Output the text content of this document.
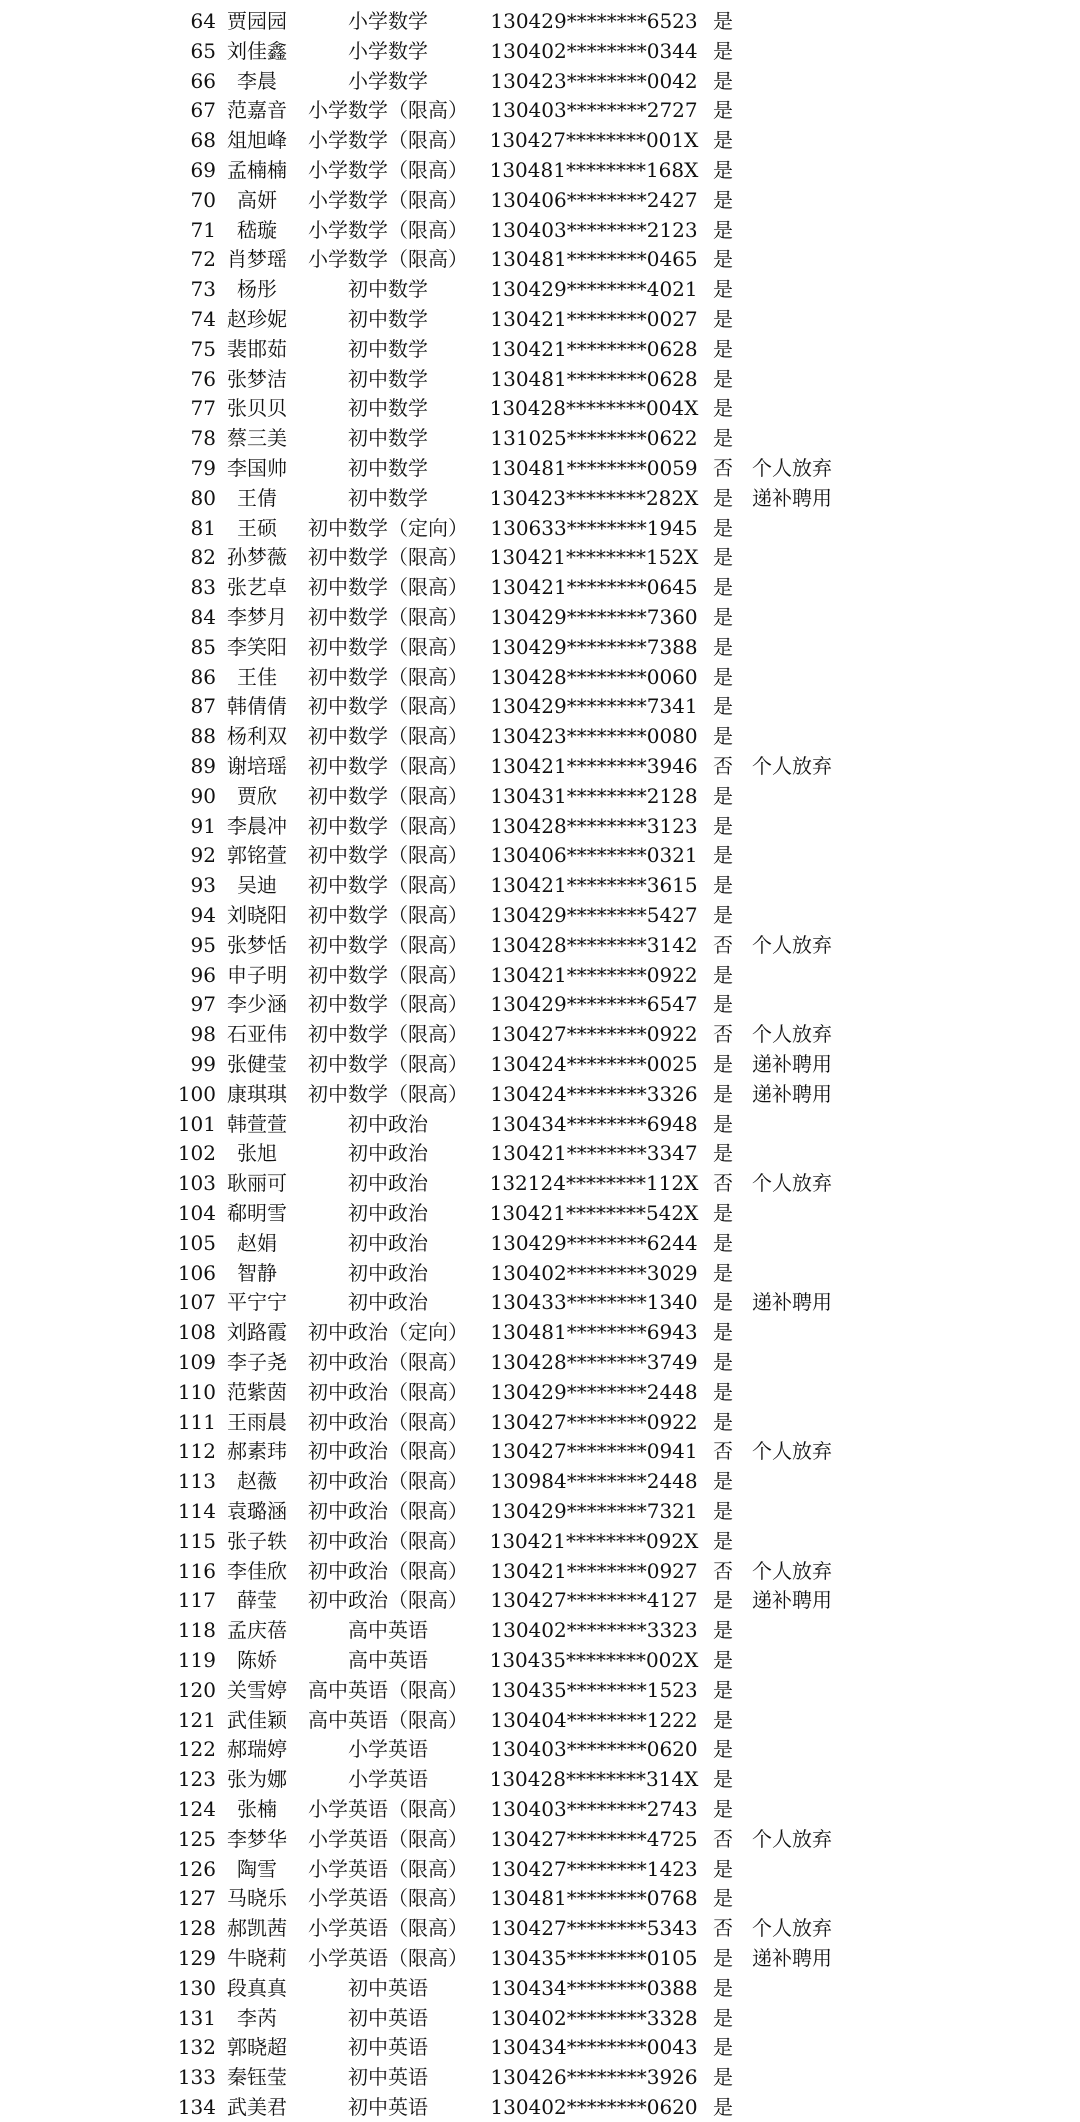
64 贾园园	小学数学	130429********6523 是
65 刘佳鑫	小学数学	130402********0344 是
66	李晨	小学数学	130423********0042 是
67 范嘉音	小学数学（限高）	130403********2727 是
68 俎旭峰	小学数学（限高）	130427********001X 是
69 孟楠楠	小学数学（限高）	130481********168X 是
70	高妍	小学数学（限高）	130406********2427 是
71	嵇璇	小学数学（限高）	130403********2123 是
72 肖梦瑶	小学数学（限高）	130481********0465 是
73	杨彤	初中数学	130429********4021 是
74 赵珍妮	初中数学	130421********0027 是
75 裴邯茹	初中数学	130421********0628 是
76 张梦洁	初中数学	130481********0628 是
77 张贝贝	初中数学	130428********004X 是
78 蔡三美	初中数学	131025********0622 是
79 李国帅	初中数学	130481********0059 否 个人放弃
80	王倩	初中数学	130423********282X 是 递补聘用
81	王硕	初中数学（定向）	130633********1945 是
82 孙梦薇	初中数学（限高）	130421********152X 是
83 张艺卓	初中数学（限高）	130421********0645 是
84 李梦月	初中数学（限高）	130429********7360 是
85 李笑阳	初中数学（限高）	130429********7388 是
86	王佳	初中数学（限高）	130428********0060 是
87 韩倩倩	初中数学（限高）	130429********7341 是
88 杨利双	初中数学（限高）	130423********0080 是
89 谢培瑶	初中数学（限高）	130421********3946 否 个人放弃
90	贾欣	初中数学（限高）	130431********2128 是
91 李晨冲	初中数学（限高）	130428********3123 是
92 郭铭萱	初中数学（限高）	130406********0321 是
93	吴迪	初中数学（限高）	130421********3615 是
94 刘晓阳	初中数学（限高）	130429********5427 是
95 张梦恬	初中数学（限高）	130428********3142 否 个人放弃
96 申子明	初中数学（限高）	130421********0922 是
97 李少涵	初中数学（限高）	130429********6547 是
98 石亚伟	初中数学（限高）	130427********0922 否 个人放弃
99 张健莹	初中数学（限高）	130424********0025 是 递补聘用
100 康琪琪	初中数学（限高）	130424********3326 是 递补聘用
101 韩萱萱	初中政治	130434********6948 是
102	张旭	初中政治	130421********3347 是
103 耿丽可	初中政治	132124********112X 否 个人放弃
104 郗明雪	初中政治	130421********542X 是
105	赵娟	初中政治	130429********6244 是
106	智静	初中政治	130402********3029 是
107 平宁宁	初中政治	130433********1340 是 递补聘用
108 刘路霞	初中政治（定向）	130481********6943 是
109 李子尧	初中政治（限高）	130428********3749 是
110 范紫茵	初中政治（限高）	130429********2448 是
111 王雨晨	初中政治（限高）	130427********0922 是
112 郝素玮	初中政治（限高）	130427********0941 否 个人放弃
113	赵薇	初中政治（限高）	130984********2448 是
114 袁璐涵	初中政治（限高）	130429********7321 是
115 张子轶	初中政治（限高）	130421********092X 是
116 李佳欣	初中政治（限高）	130421********0927 否 个人放弃
117	薛莹	初中政治（限高）	130427********4127 是 递补聘用
118 孟庆蓓	高中英语	130402********3323 是
119	陈娇	高中英语	130435********002X 是
120 关雪婷	高中英语（限高）	130435********1523 是
121 武佳颖	高中英语（限高）	130404********1222 是
122 郝瑞婷	小学英语	130403********0620 是
123 张为娜	小学英语	130428********314X 是
124	张楠	小学英语（限高）	130403********2743 是
125 李梦华	小学英语（限高）	130427********4725 否 个人放弃
126	陶雪	小学英语（限高）	130427********1423 是
127 马晓乐	小学英语（限高）	130481********0768 是
128 郝凯茜	小学英语（限高）	130427********5343 否 个人放弃
129 牛晓莉	小学英语（限高）	130435********0105 是 递补聘用
130 段真真	初中英语	130434********0388 是
131	李芮	初中英语	130402********3328 是
132 郭晓超	初中英语	130434********0043 是
133 秦钰莹	初中英语	130426********3926 是
134 武美君	初中英语	130402********0620 是
